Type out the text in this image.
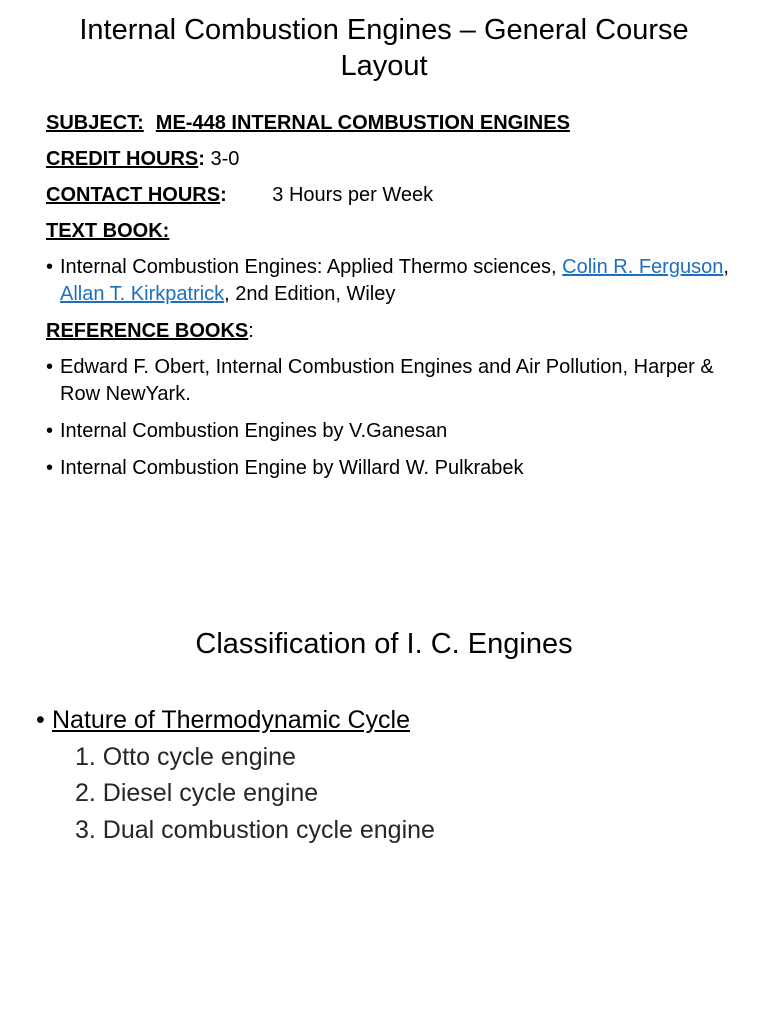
Internal Combustion Engines – General Course Layout

SUBJECT: ME-448 INTERNAL COMBUSTION ENGINES

CREDIT HOURS: 3-0

CONTACT HOURS: 3 Hours per Week

TEXT BOOK:

• Internal Combustion Engines: Applied Thermo sciences, Colin R. Ferguson, Allan T. Kirkpatrick, 2nd Edition, Wiley

REFERENCE BOOKS:

• Edward F. Obert, Internal Combustion Engines and Air Pollution, Harper & Row NewYark.
• Internal Combustion Engines by V.Ganesan
• Internal Combustion Engine by Willard W. Pulkrabek
Classification of I. C. Engines
• Nature of Thermodynamic Cycle
1. Otto cycle engine
2. Diesel cycle engine
3. Dual combustion cycle engine
